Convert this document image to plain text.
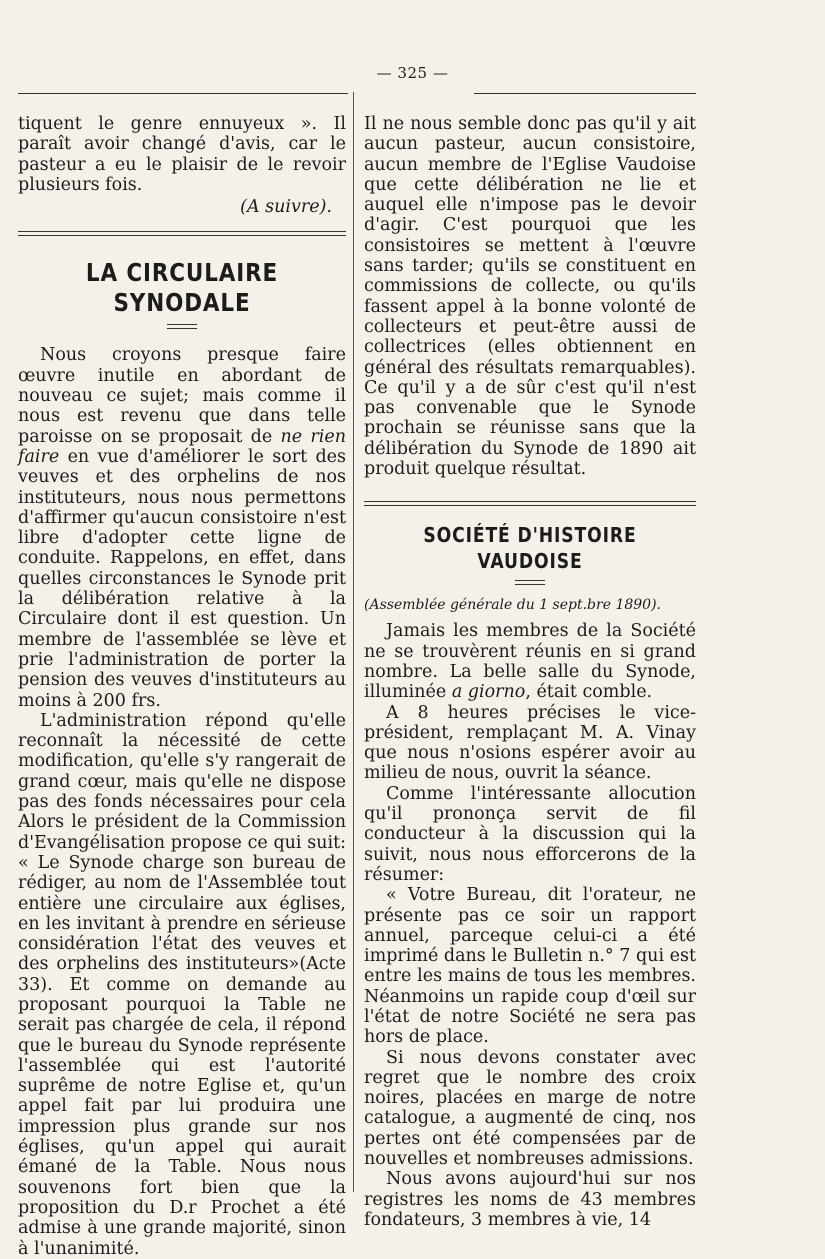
— 325 —

tiquent le genre ennuyeux ». Il paraît avoir changé d'avis, car le pasteur a eu le plaisir de le revoir plusieurs fois.

(A suivre).

LA CIRCULAIRE SYNODALE

Nous croyons presque faire œuvre inutile en abordant de nouveau ce sujet; mais comme il nous est revenu que dans telle paroisse on se proposait de ne rien faire en vue d'améliorer le sort des veuves et des orphelins de nos instituteurs, nous nous permettons d'affirmer qu'aucun consistoire n'est libre d'adopter cette ligne de conduite. Rappelons, en effet, dans quelles circonstances le Synode prit la délibération relative à la Circulaire dont il est question. Un membre de l'assemblée se lève et prie l'administration de porter la pension des veuves d'instituteurs au moins à 200 frs.

L'administration répond qu'elle reconnaît la nécessité de cette modification, qu'elle s'y rangerait de grand cœur, mais qu'elle ne dispose pas des fonds nécessaires pour cela Alors le président de la Commission d'Evangélisation propose ce qui suit: « Le Synode charge son bureau de rédiger, au nom de l'Assemblée tout entière une circulaire aux églises, en les invitant à prendre en sérieuse considération l'état des veuves et des orphelins des instituteurs»(Acte 33). Et comme on demande au proposant pourquoi la Table ne serait pas chargée de cela, il répond que le bureau du Synode représente l'assemblée qui est l'autorité suprême de notre Eglise et, qu'un appel fait par lui produira une impression plus grande sur nos églises, qu'un appel qui aurait émané de la Table. Nous nous souvenons fort bien que la proposition du D.r Prochet a été admise à une grande majorité, sinon à l'unanimité.

Il ne nous semble donc pas qu'il y ait aucun pasteur, aucun consistoire, aucun membre de l'Eglise Vaudoise que cette délibération ne lie et auquel elle n'impose pas le devoir d'agir. C'est pourquoi que les consistoires se mettent à l'œuvre sans tarder; qu'ils se constituent en commissions de collecte, ou qu'ils fassent appel à la bonne volonté de collecteurs et peut-être aussi de collectrices (elles obtiennent en général des résultats remarquables). Ce qu'il y a de sûr c'est qu'il n'est pas convenable que le Synode prochain se réunisse sans que la délibération du Synode de 1890 ait produit quelque résultat.

SOCIÉTÉ D'HISTOIRE VAUDOISE

(Assemblée générale du 1 sept.bre 1890).

Jamais les membres de la Société ne se trouvèrent réunis en si grand nombre. La belle salle du Synode, illuminée a giorno, était comble.

A 8 heures précises le vice-président, remplaçant M. A. Vinay que nous n'osions espérer avoir au milieu de nous, ouvrit la séance.

Comme l'intéressante allocution qu'il prononça servit de fil conducteur à la discussion qui la suivit, nous nous efforcerons de la résumer:

« Votre Bureau, dit l'orateur, ne présente pas ce soir un rapport annuel, parceque celui-ci a été imprimé dans le Bulletin n.° 7 qui est entre les mains de tous les membres. Néanmoins un rapide coup d'œil sur l'état de notre Société ne sera pas hors de place.

Si nous devons constater avec regret que le nombre des croix noires, placées en marge de notre catalogue, a augmenté de cinq, nos pertes ont été compensées par de nouvelles et nombreuses admissions.

Nous avons aujourd'hui sur nos registres les noms de 43 membres fondateurs, 3 membres à vie, 14
